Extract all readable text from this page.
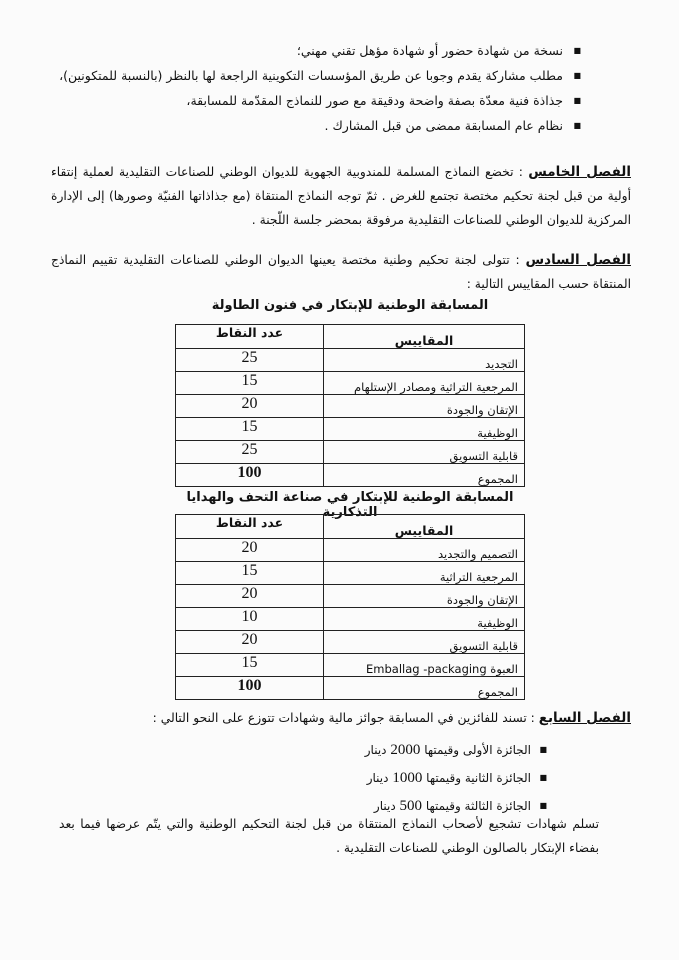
■ نسخة من شهادة حضور أو شهادة مؤهل تقني مهني؛
■ مطلب مشاركة يقدم وجوبا عن طريق المؤسسات التكوينية الراجعة لها بالنظر (بالنسبة للمتكونين)،
■ جذاذة فنية معدّة بصفة واضحة ودقيقة مع صور للنماذج المقدّمة للمسابقة،
■ نظام عام المسابقة ممضى من قبل المشارك .
الفصل الخامس : تخضع النماذج المسلمة للمندوبية الجهوية للديوان الوطني للصناعات التقليدية لعملية إنتقاء أولية من قبل لجنة تحكيم مختصة تجتمع للغرض . ثمّ توجه النماذج المنتقاة (مع جذاذاتها الفنيّة وصورها) إلى الإدارة المركزية للديوان الوطني للصناعات التقليدية مرفوقة بمحضر جلسة اللّجنة .
الفصل السادس : تتولى لجنة تحكيم وطنية مختصة يعينها الديوان الوطني للصناعات التقليدية تقييم النماذج المنتقاة حسب المقاييس التالية :
المسابقة الوطنية للإبتكار في فنون الطاولة
المقاييس	عدد النقاط
التجديد	25
المرجعية التراثية ومصادر الإستلهام	15
الإتقان والجودة	20
الوظيفية	15
قابلية التسويق	25
المجموع	100
المسابقة الوطنية للإبتكار في صناعة التحف والهدايا التذكارية
المقاييس	عدد النقاط
التصميم والتجديد	20
المرجعية التراثية	15
الإتقان والجودة	20
الوظيفية	10
قابلية التسويق	20
العبوة Emballag -packaging	15
المجموع	100
الفصل السابع : تسند للفائزين في المسابقة جوائز مالية وشهادات تتوزع على النحو التالي :
■ الجائزة الأولى وقيمتها 2000 دينار
■ الجائزة الثانية وقيمتها 1000 دينار
■ الجائزة الثالثة وقيمتها 500 دينار
تسلم شهادات تشجيع لأصحاب النماذج المنتقاة من قبل لجنة التحكيم الوطنية والتي يتّم عرضها فيما بعد بفضاء الإبتكار بالصالون الوطني للصناعات التقليدية .
